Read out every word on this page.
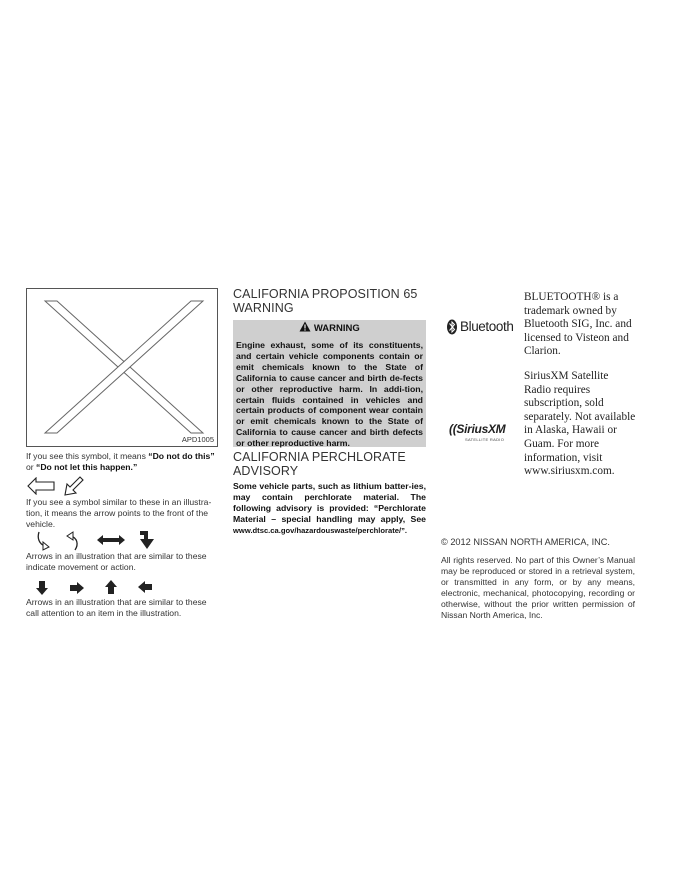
APD1005
If you see this symbol, it means “Do not do this”
or “Do not let this happen.”
If you see a symbol similar to these in an illustra-tion, it means the arrow points to the front of the vehicle.
Arrows in an illustration that are similar to these indicate movement or action.
Arrows in an illustration that are similar to these call attention to an item in the illustration.
CALIFORNIA PROPOSITION 65
WARNING
WARNING
Engine exhaust, some of its constituents, and certain vehicle components contain or emit chemicals known to the State of California to cause cancer and birth de-fects or other reproductive harm. In addi-tion, certain fluids contained in vehicles and certain products of component wear contain or emit chemicals known to the State of California to cause cancer and birth defects or other reproductive harm.
CALIFORNIA PERCHLORATE
ADVISORY
Some vehicle parts, such as lithium batter-ies, may contain perchlorate material. The following advisory is provided: “Perchlorate Material – special handling may apply, See www.dtsc.ca.gov/hazardouswaste/perchlorate/”.
Bluetooth
BLUETOOTH® is a trademark owned by Bluetooth SIG, Inc. and licensed to Visteon and Clarion.
((SiriusXM
SATELLITE RADIO
SiriusXM Satellite Radio requires subscription, sold separately. Not available in Alaska, Hawaii or Guam. For more information, visit www.siriusxm.com.
© 2012 NISSAN NORTH AMERICA, INC.
All rights reserved. No part of this Owner’s Manual may be reproduced or stored in a retrieval system, or transmitted in any form, or by any means, electronic, mechanical, photocopying, recording or otherwise, without the prior written permission of Nissan North America, Inc.
